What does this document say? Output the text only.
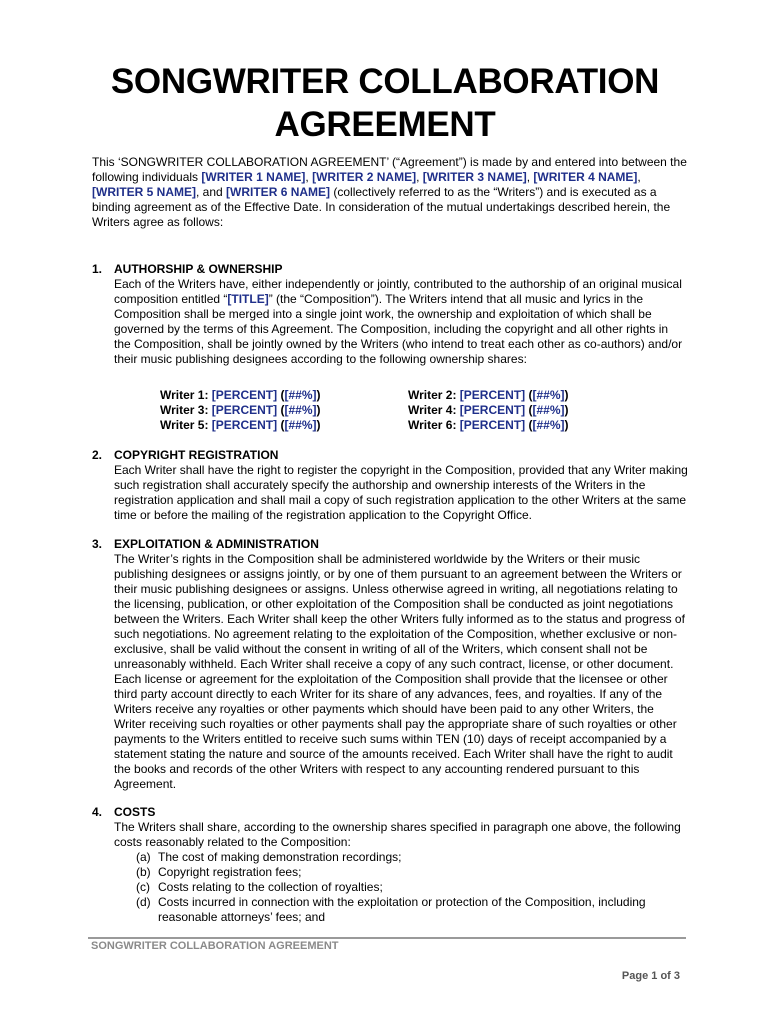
SONGWRITER COLLABORATION AGREEMENT
This ‘SONGWRITER COLLABORATION AGREEMENT’ (“Agreement”) is made by and entered into between the following individuals [WRITER 1 NAME], [WRITER 2 NAME], [WRITER 3 NAME], [WRITER 4 NAME], [WRITER 5 NAME], and [WRITER 6 NAME] (collectively referred to as the “Writers”) and is executed as a binding agreement as of the Effective Date. In consideration of the mutual undertakings described herein, the Writers agree as follows:
1. AUTHORSHIP & OWNERSHIP
Each of the Writers have, either independently or jointly, contributed to the authorship of an original musical composition entitled “[TITLE]” (the “Composition”). The Writers intend that all music and lyrics in the Composition shall be merged into a single joint work, the ownership and exploitation of which shall be governed by the terms of this Agreement. The Composition, including the copyright and all other rights in the Composition, shall be jointly owned by the Writers (who intend to treat each other as co-authors) and/or their music publishing designees according to the following ownership shares:
Writer 1: [PERCENT] ([##%])	Writer 2: [PERCENT] ([##%])
Writer 3: [PERCENT] ([##%])	Writer 4: [PERCENT] ([##%])
Writer 5: [PERCENT] ([##%])	Writer 6: [PERCENT] ([##%])
2. COPYRIGHT REGISTRATION
Each Writer shall have the right to register the copyright in the Composition, provided that any Writer making such registration shall accurately specify the authorship and ownership interests of the Writers in the registration application and shall mail a copy of such registration application to the other Writers at the same time or before the mailing of the registration application to the Copyright Office.
3. EXPLOITATION & ADMINISTRATION
The Writer’s rights in the Composition shall be administered worldwide by the Writers or their music publishing designees or assigns jointly, or by one of them pursuant to an agreement between the Writers or their music publishing designees or assigns. Unless otherwise agreed in writing, all negotiations relating to the licensing, publication, or other exploitation of the Composition shall be conducted as joint negotiations between the Writers. Each Writer shall keep the other Writers fully informed as to the status and progress of such negotiations. No agreement relating to the exploitation of the Composition, whether exclusive or non-exclusive, shall be valid without the consent in writing of all of the Writers, which consent shall not be unreasonably withheld. Each Writer shall receive a copy of any such contract, license, or other document. Each license or agreement for the exploitation of the Composition shall provide that the licensee or other third party account directly to each Writer for its share of any advances, fees, and royalties. If any of the Writers receive any royalties or other payments which should have been paid to any other Writers, the Writer receiving such royalties or other payments shall pay the appropriate share of such royalties or other payments to the Writers entitled to receive such sums within TEN (10) days of receipt accompanied by a statement stating the nature and source of the amounts received. Each Writer shall have the right to audit the books and records of the other Writers with respect to any accounting rendered pursuant to this Agreement.
4. COSTS
The Writers shall share, according to the ownership shares specified in paragraph one above, the following costs reasonably related to the Composition:
(a) The cost of making demonstration recordings;
(b) Copyright registration fees;
(c) Costs relating to the collection of royalties;
(d) Costs incurred in connection with the exploitation or protection of the Composition, including reasonable attorneys’ fees; and
SONGWRITER COLLABORATION AGREEMENT
Page 1 of 3
